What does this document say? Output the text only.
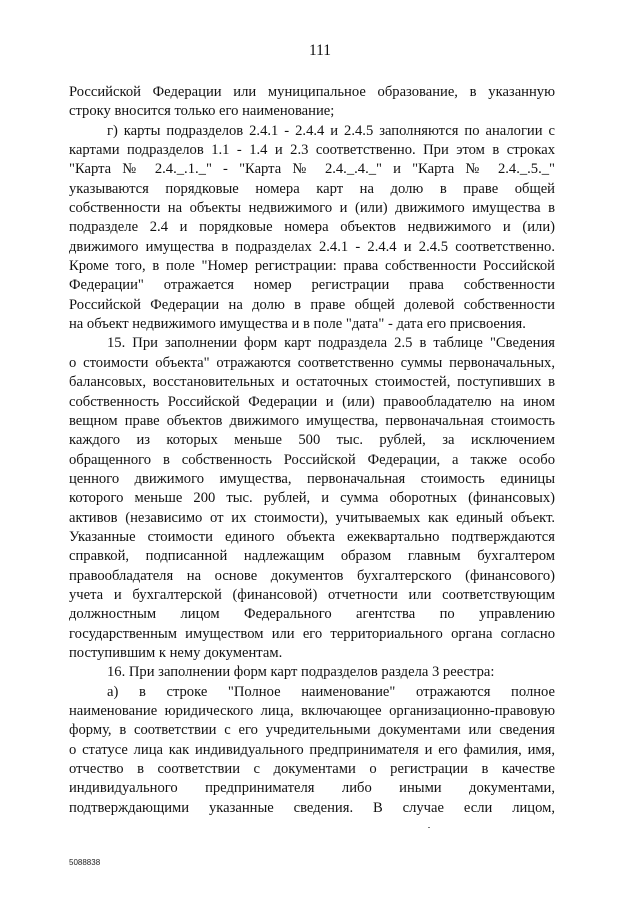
111
Российской Федерации или муниципальное образование, в указанную
строку вносится только его наименование;
г) карты подразделов 2.4.1 - 2.4.4 и 2.4.5 заполняются по аналогии с
картами подразделов 1.1 - 1.4 и 2.3 соответственно. При этом в строках
"Карта № 2.4._.1._" - "Карта № 2.4._.4._" и "Карта № 2.4._.5._"
указываются порядковые номера карт на долю в праве общей
собственности на объекты недвижимого и (или) движимого имущества в
подразделе 2.4 и порядковые номера объектов недвижимого и (или)
движимого имущества в подразделах 2.4.1 - 2.4.4 и 2.4.5 соответственно.
Кроме того, в поле "Номер регистрации: права собственности Российской
Федерации" отражается номер регистрации права собственности
Российской Федерации на долю в праве общей долевой собственности
на объект недвижимого имущества и в поле "дата" - дата его присвоения.
15. При заполнении форм карт подраздела 2.5 в таблице "Сведения
о стоимости объекта" отражаются соответственно суммы первоначальных,
балансовых, восстановительных и остаточных стоимостей, поступивших в
собственность Российской Федерации и (или) правообладателю на ином
вещном праве объектов движимого имущества, первоначальная стоимость
каждого из которых меньше 500 тыс. рублей, за исключением
обращенного в собственность Российской Федерации, а также особо
ценного движимого имущества, первоначальная стоимость единицы
которого меньше 200 тыс. рублей, и сумма оборотных (финансовых)
активов (независимо от их стоимости), учитываемых как единый объект.
Указанные стоимости единого объекта ежеквартально подтверждаются
справкой, подписанной надлежащим образом главным бухгалтером
правообладателя на основе документов бухгалтерского (финансового)
учета и бухгалтерской (финансовой) отчетности или соответствующим
должностным лицом Федерального агентства по управлению
государственным имуществом или его территориального органа согласно
поступившим к нему документам.
16. При заполнении форм карт подразделов раздела 3 реестра:
а) в строке "Полное наименование" отражаются полное
наименование юридического лица, включающее организационно-правовую
форму, в соответствии с его учредительными документами или сведения
о статусе лица как индивидуального предпринимателя и его фамилия, имя,
отчество в соответствии с документами о регистрации в качестве
индивидуального предпринимателя либо иными документами,
подтверждающими указанные сведения. В случае если лицом,
5088838
